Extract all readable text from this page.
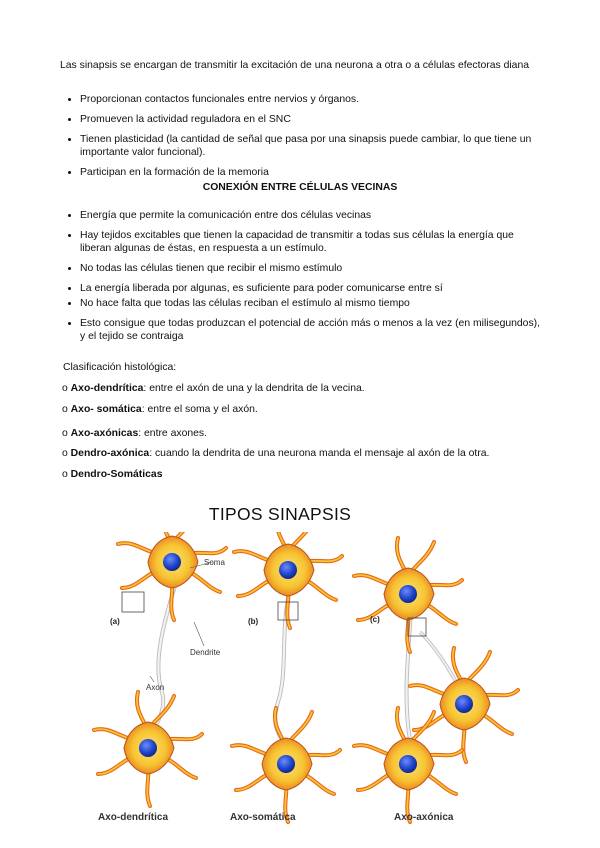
Las sinapsis se encargan de transmitir la excitación de una neurona a otra o a células efectoras diana

Proporcionan contactos funcionales entre nervios y órganos.
Promueven la actividad reguladora en el SNC
Tienen plasticidad (la cantidad de señal que pasa por una sinapsis puede cambiar, lo que tiene un importante valor funcional).
Participan en la formación de la memoria
CONEXIÓN ENTRE CÉLULAS VECINAS
Energía que permite la comunicación entre dos células vecinas
Hay tejidos excitables que tienen la capacidad de transmitir a todas sus células la energía que liberan algunas de éstas, en respuesta a un estímulo.
No todas las células tienen que recibir el mismo estímulo
La energía liberada por algunas, es suficiente para poder comunicarse entre sí
No hace falta que todas las células reciban el estímulo al mismo tiempo
Esto consigue que todas produzcan el potencial de acción más o menos a la vez (en milisegundos), y el tejido se contraiga

Clasificación histológica:

o Axo-dendrítica: entre el axón de una y la dendrita de la vecina.

o Axo- somática: entre el soma y el axón.

o Axo-axónicas: entre axones.

o Dendro-axónica: cuando la dendrita de una neurona manda el mensaje al axón de la otra.

o Dendro-Somáticas

TIPOS SINAPSIS
(a)
Soma
Dendrite
Axon
Axo-dendrítica
(b)
Axo-somática
(c)
Axo-axónica
